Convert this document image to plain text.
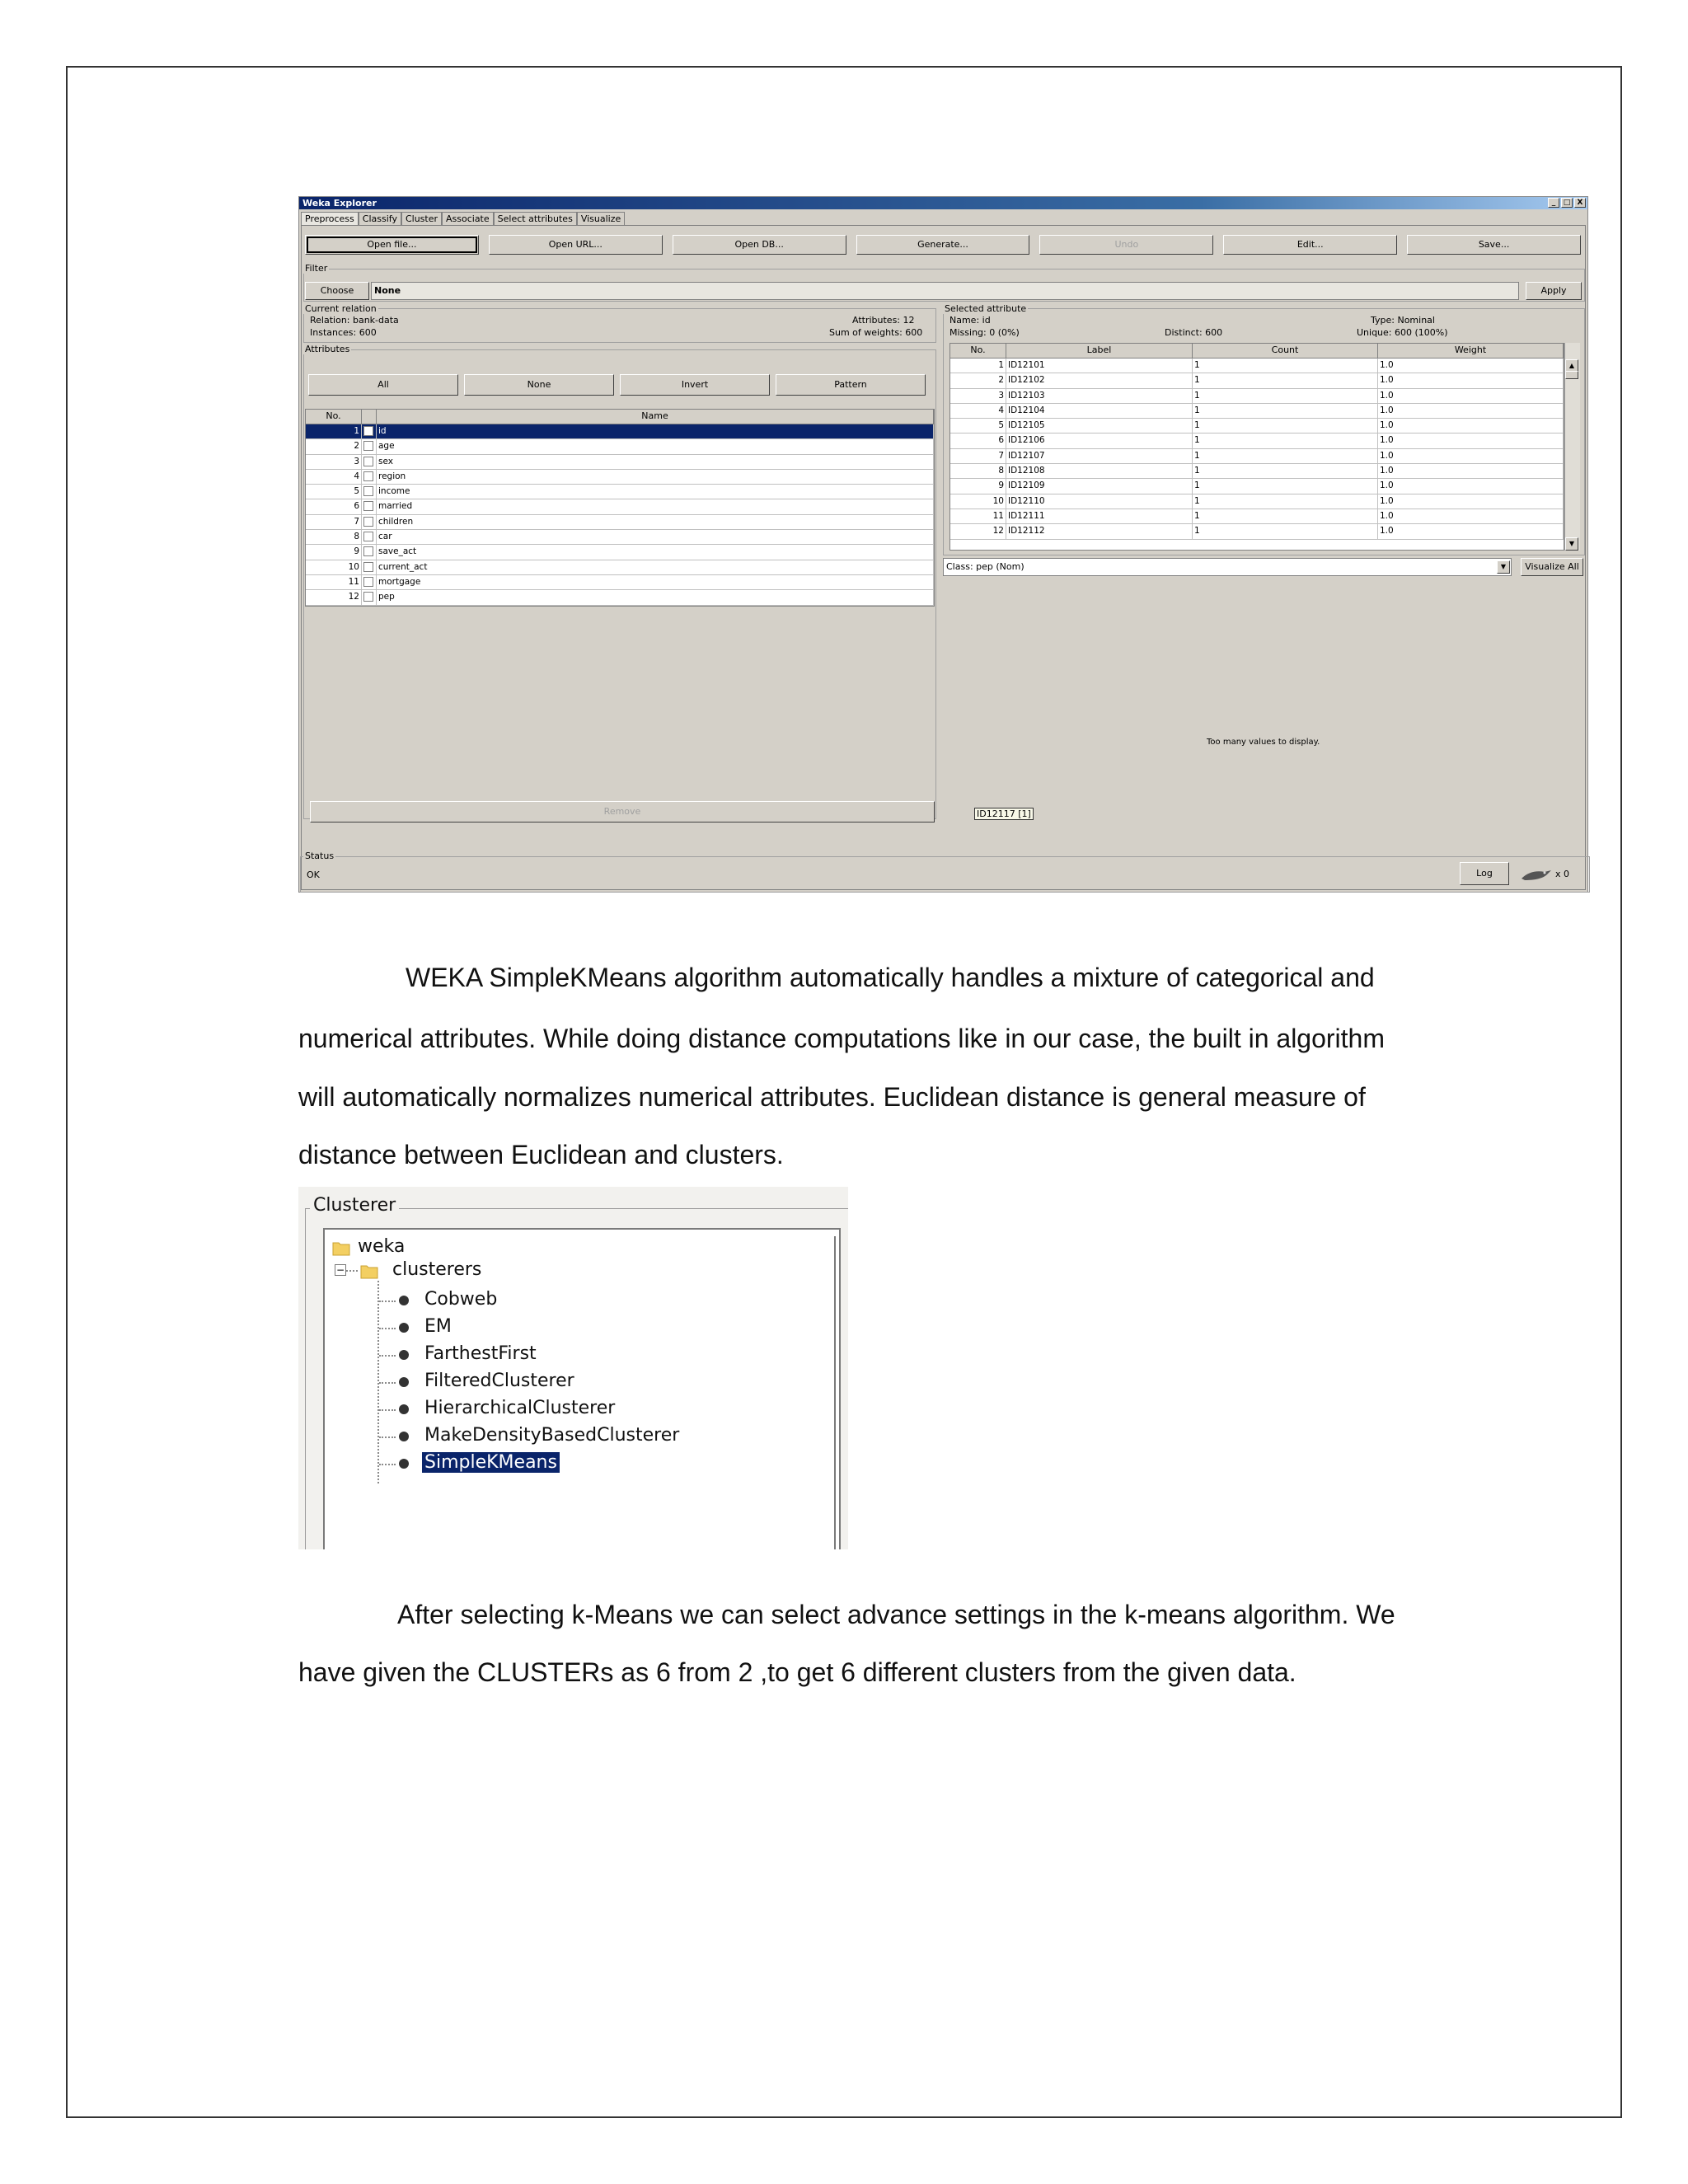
Weka Explorer	_	□ X
Preprocess Classify Cluster Associate Select attributes Visualize
Open file...	Open URL...	Open DB...	Generate...	Undo	Edit...	Save...
Filter
Choose	None	Apply
Current relation
Relation: bank-data
Instances: 600
Attributes: 12
Sum of weights: 600
Attributes
All	None	Invert	Pattern
No.	Name
1 id
2 age
3 sex
4 region
5 income
6 married
7 children
8 car
9 save_act
10 current_act
11 mortgage
12 pep
Remove
Selected attribute
Name: id
Missing: 0 (0%)	Distinct: 600
Type: Nominal
Unique: 600 (100%)
No.	Label	Count	Weight
1 ID12101	1	1.0
2 ID12102	1	1.0
3 ID12103	1	1.0
4 ID12104	1	1.0
5 ID12105	1	1.0
6 ID12106	1	1.0
7 ID12107	1	1.0
8 ID12108	1	1.0
9 ID12109	1	1.0
10 ID12110	1	1.0
11 ID12111	1	1.0
12 ID12112	1	1.0
▲
▼
Class: pep (Nom)	▼	Visualize All
Too many values to display.
ID12117 [1]
Status
OK	Log	x 0
WEKA SimpleKMeans algorithm automatically handles a mixture of categorical and
numerical attributes. While doing distance computations like in our case, the built in algorithm
will automatically normalizes numerical attributes. Euclidean distance is general measure of
distance between Euclidean and clusters.
Clusterer
weka
−	clusterers
Cobweb
EM
FarthestFirst
FilteredClusterer
HierarchicalClusterer
MakeDensityBasedClusterer
SimpleKMeans
After selecting k-Means we can select advance settings in the k-means algorithm. We
have given the CLUSTERs as 6 from 2 ,to get 6 different clusters from the given data.
